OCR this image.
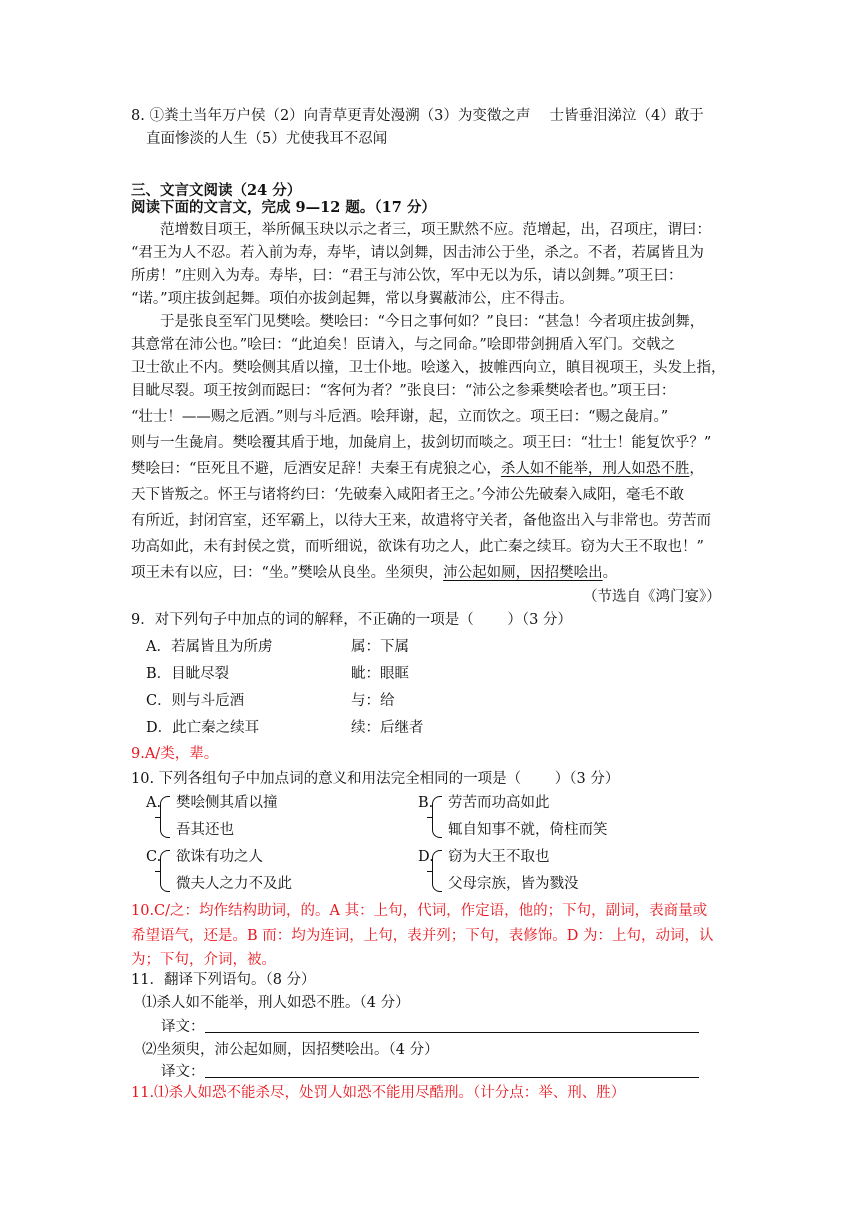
8. ①粪土当年万户侯（2）向青草更青处漫溯（3）为变徵之声　 士皆垂泪涕泣（4）敢于
直面惨淡的人生（5）尤使我耳不忍闻
三、文言文阅读（24 分）
阅读下面的文言文，完成 9—12 题。（17 分）
范增数目项王，举所佩玉玦以示之者三，项王默然不应。范增起，出，召项庄，谓曰：
“君王为人不忍。若入前为寿，寿毕，请以剑舞，因击沛公于坐，杀之。不者，若属皆且为
所虏！”庄则入为寿。寿毕，曰：“君王与沛公饮，军中无以为乐，请以剑舞。”项王曰：
“诺。”项庄拔剑起舞。项伯亦拔剑起舞，常以身翼蔽沛公，庄不得击。
于是张良至军门见樊哙。樊哙曰：“今日之事何如？”良曰：“甚急！今者项庄拔剑舞，
其意常在沛公也。”哙曰：“此迫矣！臣请入，与之同命。”哙即带剑拥盾入军门。交戟之
卫士欲止不内。樊哙侧其盾以撞，卫士仆地。哙遂入，披帷西向立，瞋目视项王，头发上指，
目眦尽裂。项王按剑而跽曰：“客何为者？”张良曰：“沛公之参乘樊哙者也。”项王曰：
“壮士！——赐之卮酒。”则与斗卮酒。哙拜谢，起，立而饮之。项王曰：“赐之彘肩。”
则与一生彘肩。樊哙覆其盾于地，加彘肩上，拔剑切而啖之。项王曰：“壮士！能复饮乎？”
樊哙曰：“臣死且不避，卮酒安足辞！夫秦王有虎狼之心，杀人如不能举，刑人如恐不胜，
天下皆叛之。怀王与诸将约曰：‘先破秦入咸阳者王之。’今沛公先破秦入咸阳，毫毛不敢
有所近，封闭宫室，还军霸上，以待大王来，故遣将守关者，备他盗出入与非常也。劳苦而
功高如此，未有封侯之赏，而听细说，欲诛有功之人，此亡秦之续耳。窃为大王不取也！”
项王未有以应，曰：“坐。”樊哙从良坐。坐须臾，沛公起如厕，因招樊哙出。
（节选自《鸿门宴》）
9．对下列句子中加点的词的解释，不正确的一项是（　　 ）（3 分）
A．若属皆且为所虏	属：下属
B．目眦尽裂	眦：眼眶
C．则与斗卮酒	与：给
D．此亡秦之续耳	续：后继者
9.A/类，辈。
10. 下列各组句子中加点词的意义和用法完全相同的一项是（　　 ）（3 分）
A. 樊哙侧其盾以撞
吾其还也
B. 劳苦而功高如此
辄自知事不就，倚柱而笑
C. 欲诛有功之人
微夫人之力不及此
D. 窃为大王不取也
父母宗族，皆为戮没
10.C/之：均作结构助词，的。A 其：上句，代词，作定语，他的；下句，副词，表商量或
希望语气，还是。B 而：均为连词，上句，表并列；下句，表修饰。D 为：上句，动词，认
为；下句，介词，被。
11．翻译下列语句。（8 分）
⑴杀人如不能举，刑人如恐不胜。（4 分）
译文：
⑵坐须臾，沛公起如厕，因招樊哙出。（4 分）
译文：
11.⑴杀人如恐不能杀尽，处罚人如恐不能用尽酷刑。（计分点：举、刑、胜）
